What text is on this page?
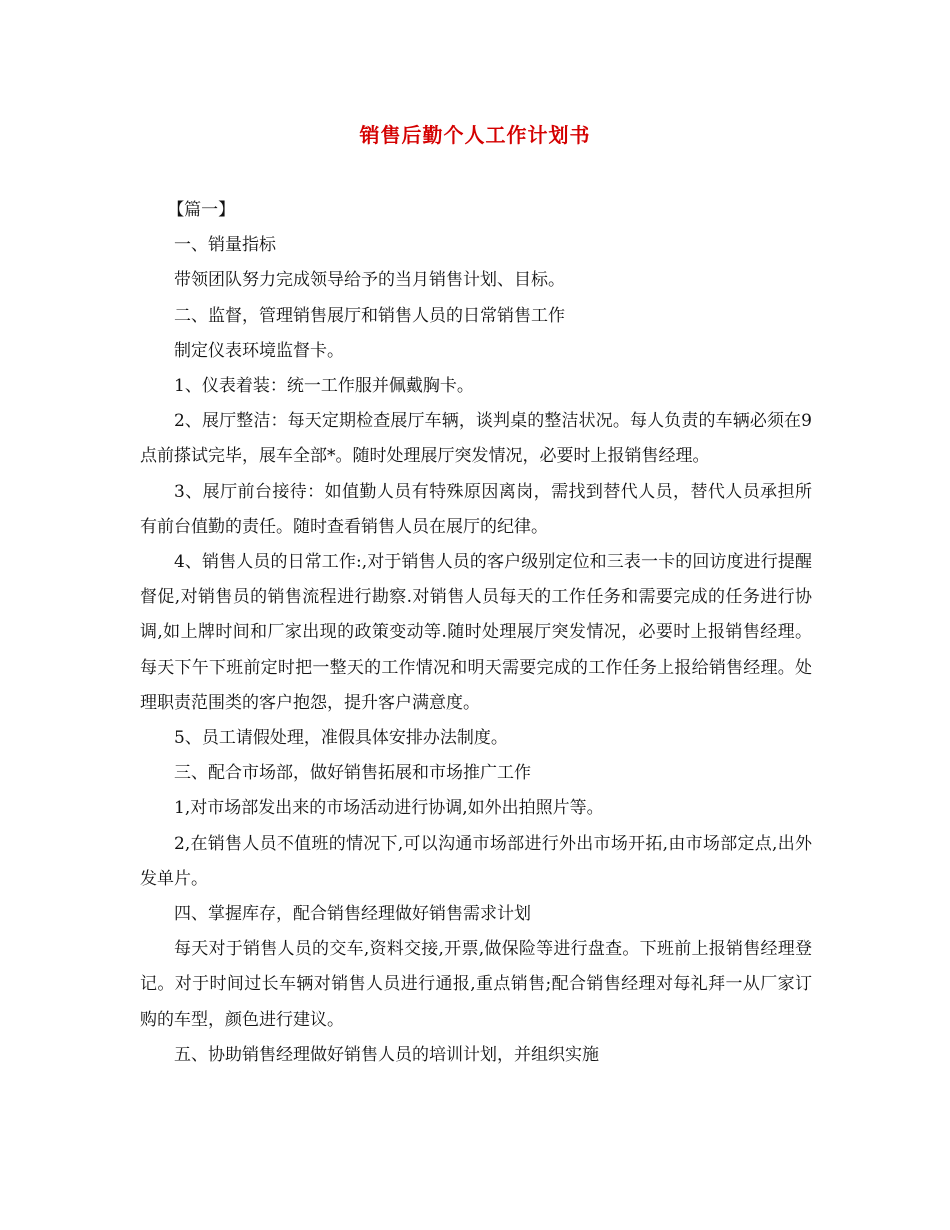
销售后勤个人工作计划书

【篇一】

一、销量指标

带领团队努力完成领导给予的当月销售计划、目标。

二、监督，管理销售展厅和销售人员的日常销售工作

制定仪表环境监督卡。

1、仪表着装：统一工作服并佩戴胸卡。

2、展厅整洁：每天定期检查展厅车辆，谈判桌的整洁状况。每人负责的车辆必须在9点前搽试完毕，展车全部*。随时处理展厅突发情况，必要时上报销售经理。

3、展厅前台接待：如值勤人员有特殊原因离岗，需找到替代人员，替代人员承担所有前台值勤的责任。随时查看销售人员在展厅的纪律。

4、销售人员的日常工作:,对于销售人员的客户级别定位和三表一卡的回访度进行提醒督促,对销售员的销售流程进行勘察.对销售人员每天的工作任务和需要完成的任务进行协调,如上牌时间和厂家出现的政策变动等.随时处理展厅突发情况，必要时上报销售经理。每天下午下班前定时把一整天的工作情况和明天需要完成的工作任务上报给销售经理。处理职责范围类的客户抱怨，提升客户满意度。

5、员工请假处理，准假具体安排办法制度。

三、配合市场部，做好销售拓展和市场推广工作

1,对市场部发出来的市场活动进行协调,如外出拍照片等。

2,在销售人员不值班的情况下,可以沟通市场部进行外出市场开拓,由市场部定点,出外发单片。

四、掌握库存，配合销售经理做好销售需求计划

每天对于销售人员的交车,资料交接,开票,做保险等进行盘查。下班前上报销售经理登记。对于时间过长车辆对销售人员进行通报,重点销售;配合销售经理对每礼拜一从厂家订购的车型，颜色进行建议。

五、协助销售经理做好销售人员的培训计划，并组织实施
